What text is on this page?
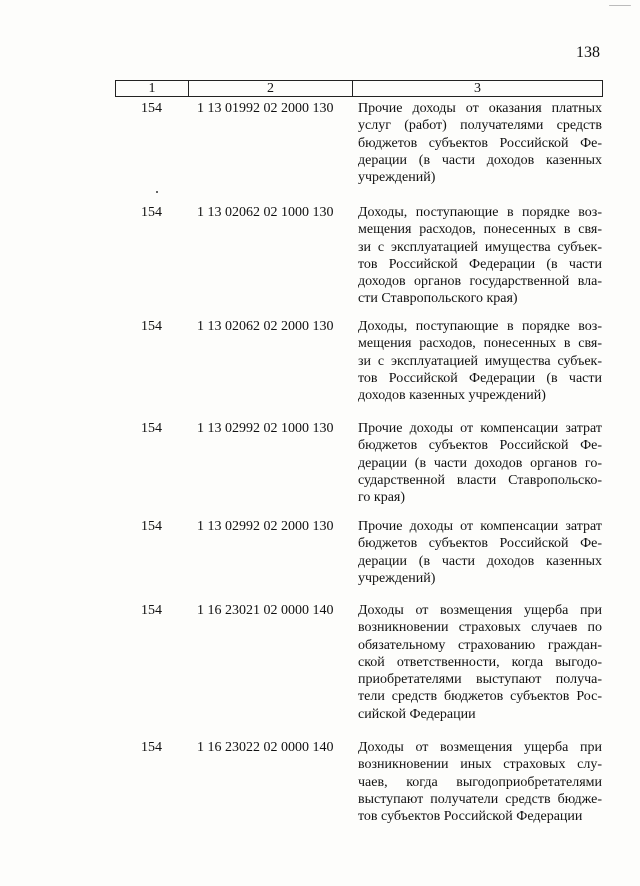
138
1	2	3
154	1 13 01992 02 2000 130	Прочие доходы от оказания платных
услуг (работ) получателями средств
бюджетов субъектов Российской Фе-
дерации (в части доходов казенных
учреждений)
154	1 13 02062 02 1000 130	Доходы, поступающие в порядке воз-
мещения расходов, понесенных в свя-
зи с эксплуатацией имущества субъек-
тов Российской Федерации (в части
доходов органов государственной вла-
сти Ставропольского края)
154	1 13 02062 02 2000 130	Доходы, поступающие в порядке воз-
мещения расходов, понесенных в свя-
зи с эксплуатацией имущества субъек-
тов Российской Федерации (в части
доходов казенных учреждений)
154	1 13 02992 02 1000 130	Прочие доходы от компенсации затрат
бюджетов субъектов Российской Фе-
дерации (в части доходов органов го-
сударственной власти Ставропольско-
го края)
154	1 13 02992 02 2000 130	Прочие доходы от компенсации затрат
бюджетов субъектов Российской Фе-
дерации (в части доходов казенных
учреждений)
154	1 16 23021 02 0000 140	Доходы от возмещения ущерба при
возникновении страховых случаев по
обязательному страхованию граждан-
ской ответственности, когда выгодо-
приобретателями выступают получа-
тели средств бюджетов субъектов Рос-
сийской Федерации
154	1 16 23022 02 0000 140	Доходы от возмещения ущерба при
возникновении иных страховых слу-
чаев, когда выгодоприобретателями
выступают получатели средств бюдже-
тов субъектов Российской Федерации
